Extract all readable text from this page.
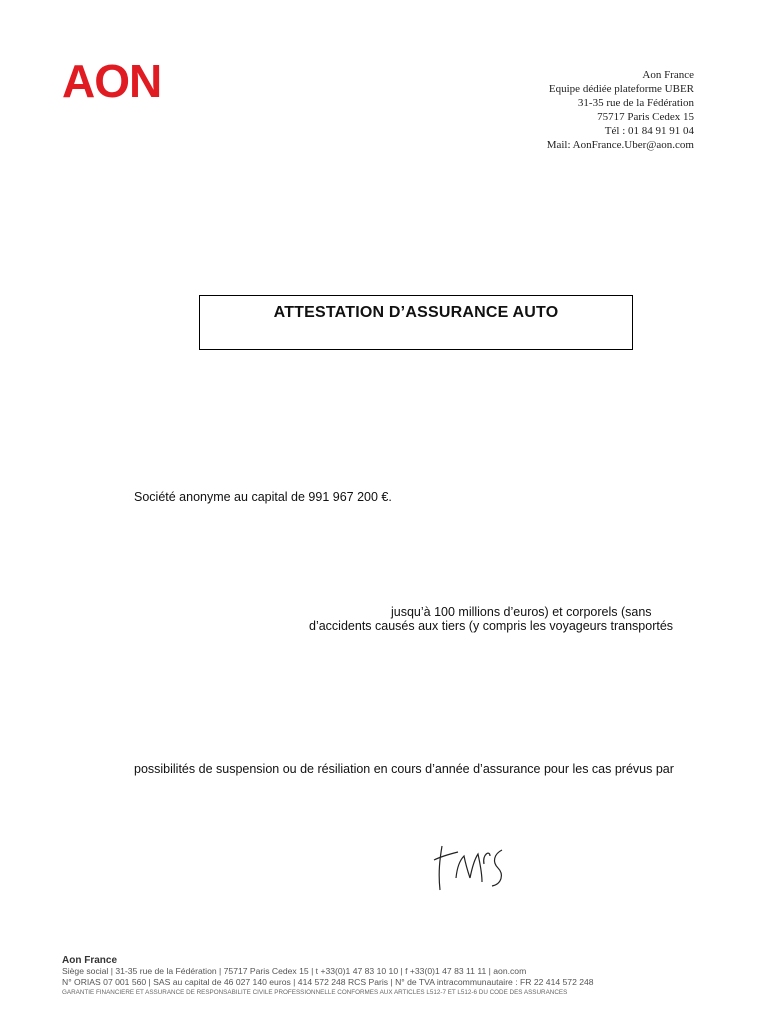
AON	Aon France
Equipe dédiée plateforme UBER
31-35 rue de la Fédération
75717 Paris Cedex 15
Tél : 01 84 91 91 04
Mail: AonFrance.Uber@aon.com
ATTESTATION D’ASSURANCE AUTO
Société anonyme au capital de 991 967 200 €.
jusqu’à 100 millions d’euros) et corporels (sans
d’accidents causés aux tiers (y compris les voyageurs transportés
possibilités de suspension ou de résiliation en cours d’année d’assurance pour les cas prévus par
Aon France
Siège social | 31-35 rue de la Fédération | 75717 Paris Cedex 15 | t +33(0)1 47 83 10 10 | f +33(0)1 47 83 11 11 | aon.com
N° ORIAS 07 001 560 | SAS au capital de 46 027 140 euros | 414 572 248 RCS Paris | N° de TVA intracommunautaire : FR 22 414 572 248
GARANTIE FINANCIERE ET ASSURANCE DE RESPONSABILITE CIVILE PROFESSIONNELLE CONFORMES AUX ARTICLES L512-7 ET L512-6 DU CODE DES ASSURANCES
